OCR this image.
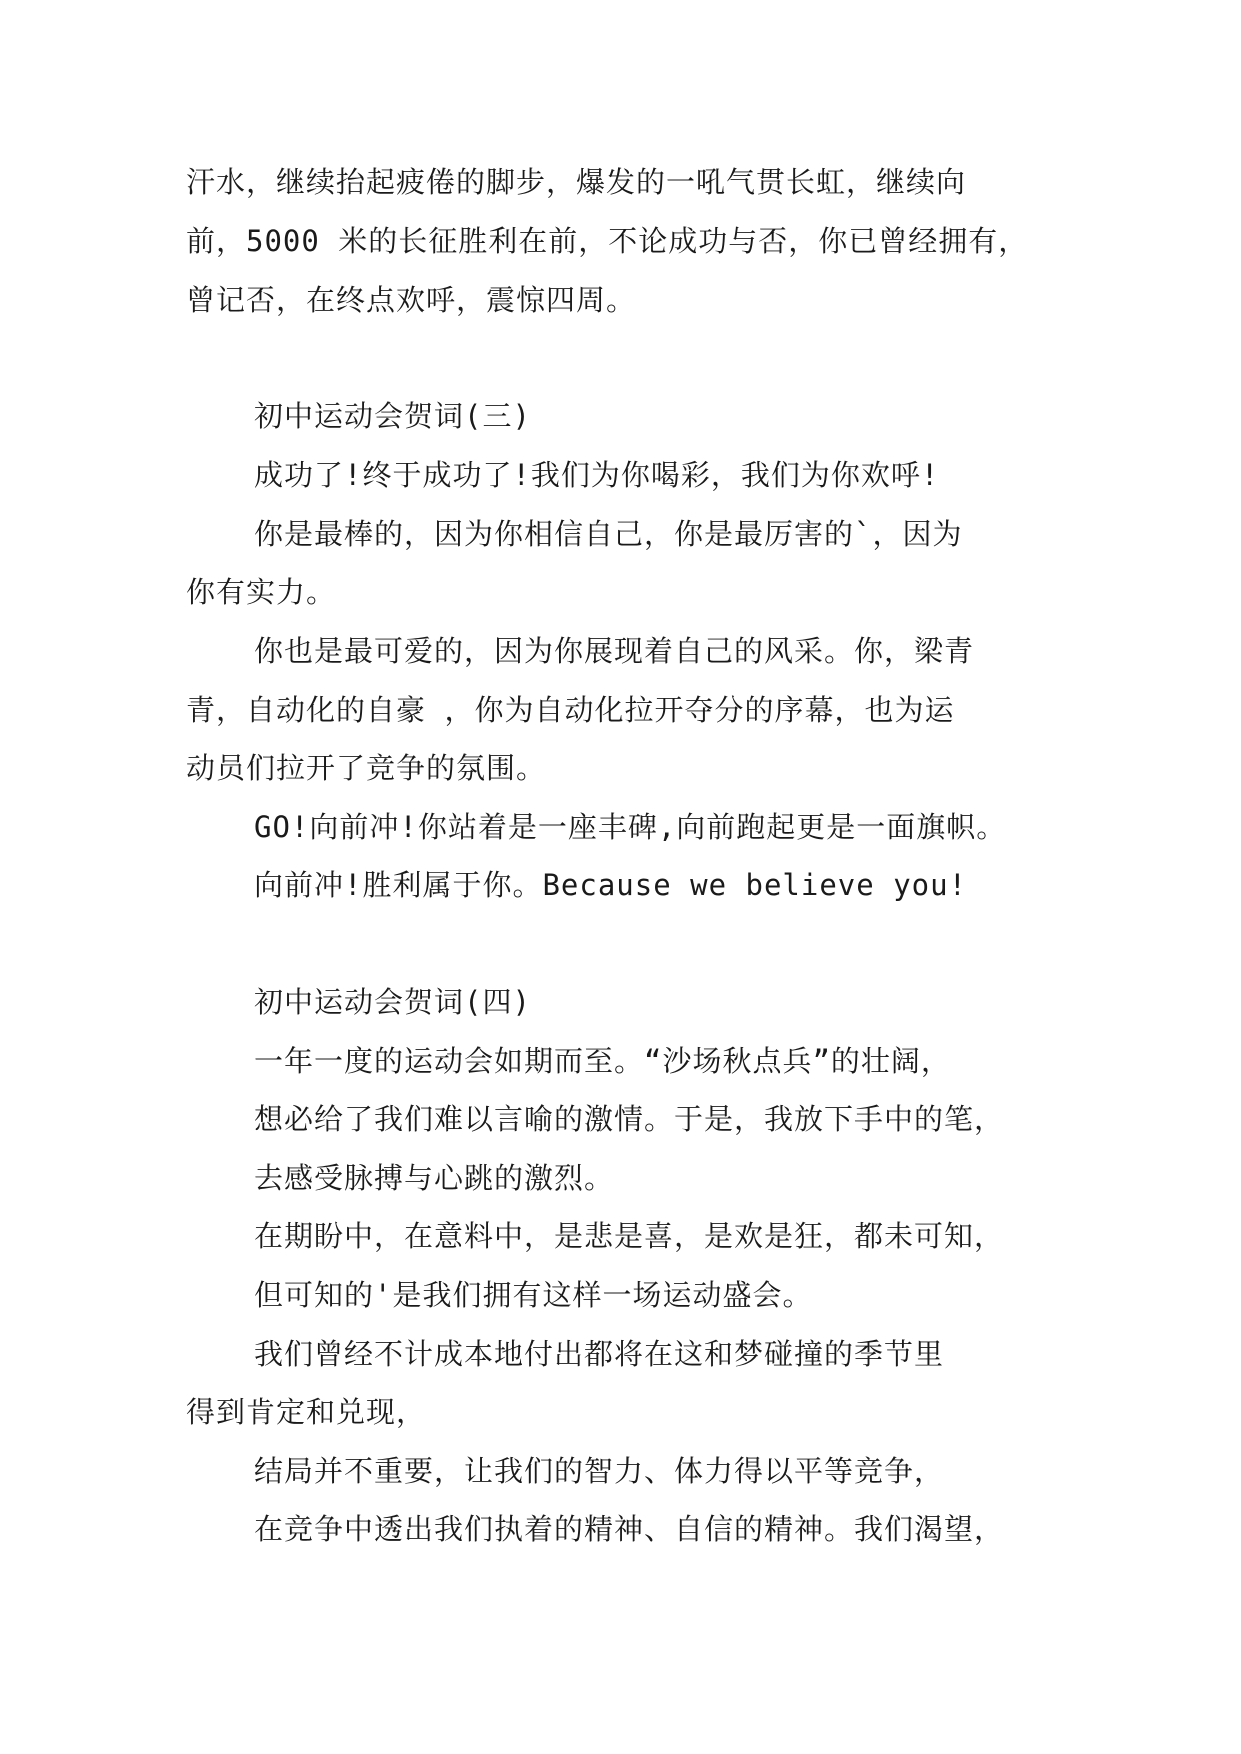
汗水，继续抬起疲倦的脚步，爆发的一吼气贯长虹，继续向
前，5000 米的长征胜利在前，不论成功与否，你已曾经拥有，
曾记否，在终点欢呼，震惊四周。
初中运动会贺词(三)
成功了!终于成功了!我们为你喝彩，我们为你欢呼!
你是最棒的，因为你相信自己，你是最厉害的`，因为
你有实力。
你也是最可爱的，因为你展现着自己的风采。你，梁青
青，自动化的自豪 ，你为自动化拉开夺分的序幕，也为运
动员们拉开了竞争的氛围。
GO!向前冲!你站着是一座丰碑,向前跑起更是一面旗帜。
向前冲!胜利属于你。Because we believe you!
初中运动会贺词(四)
一年一度的运动会如期而至。“沙场秋点兵”的壮阔，
想必给了我们难以言喻的激情。于是，我放下手中的笔，
去感受脉搏与心跳的激烈。
在期盼中，在意料中，是悲是喜，是欢是狂，都未可知，
但可知的'是我们拥有这样一场运动盛会。
我们曾经不计成本地付出都将在这和梦碰撞的季节里
得到肯定和兑现，
结局并不重要，让我们的智力、体力得以平等竞争，
在竞争中透出我们执着的精神、自信的精神。我们渴望，
